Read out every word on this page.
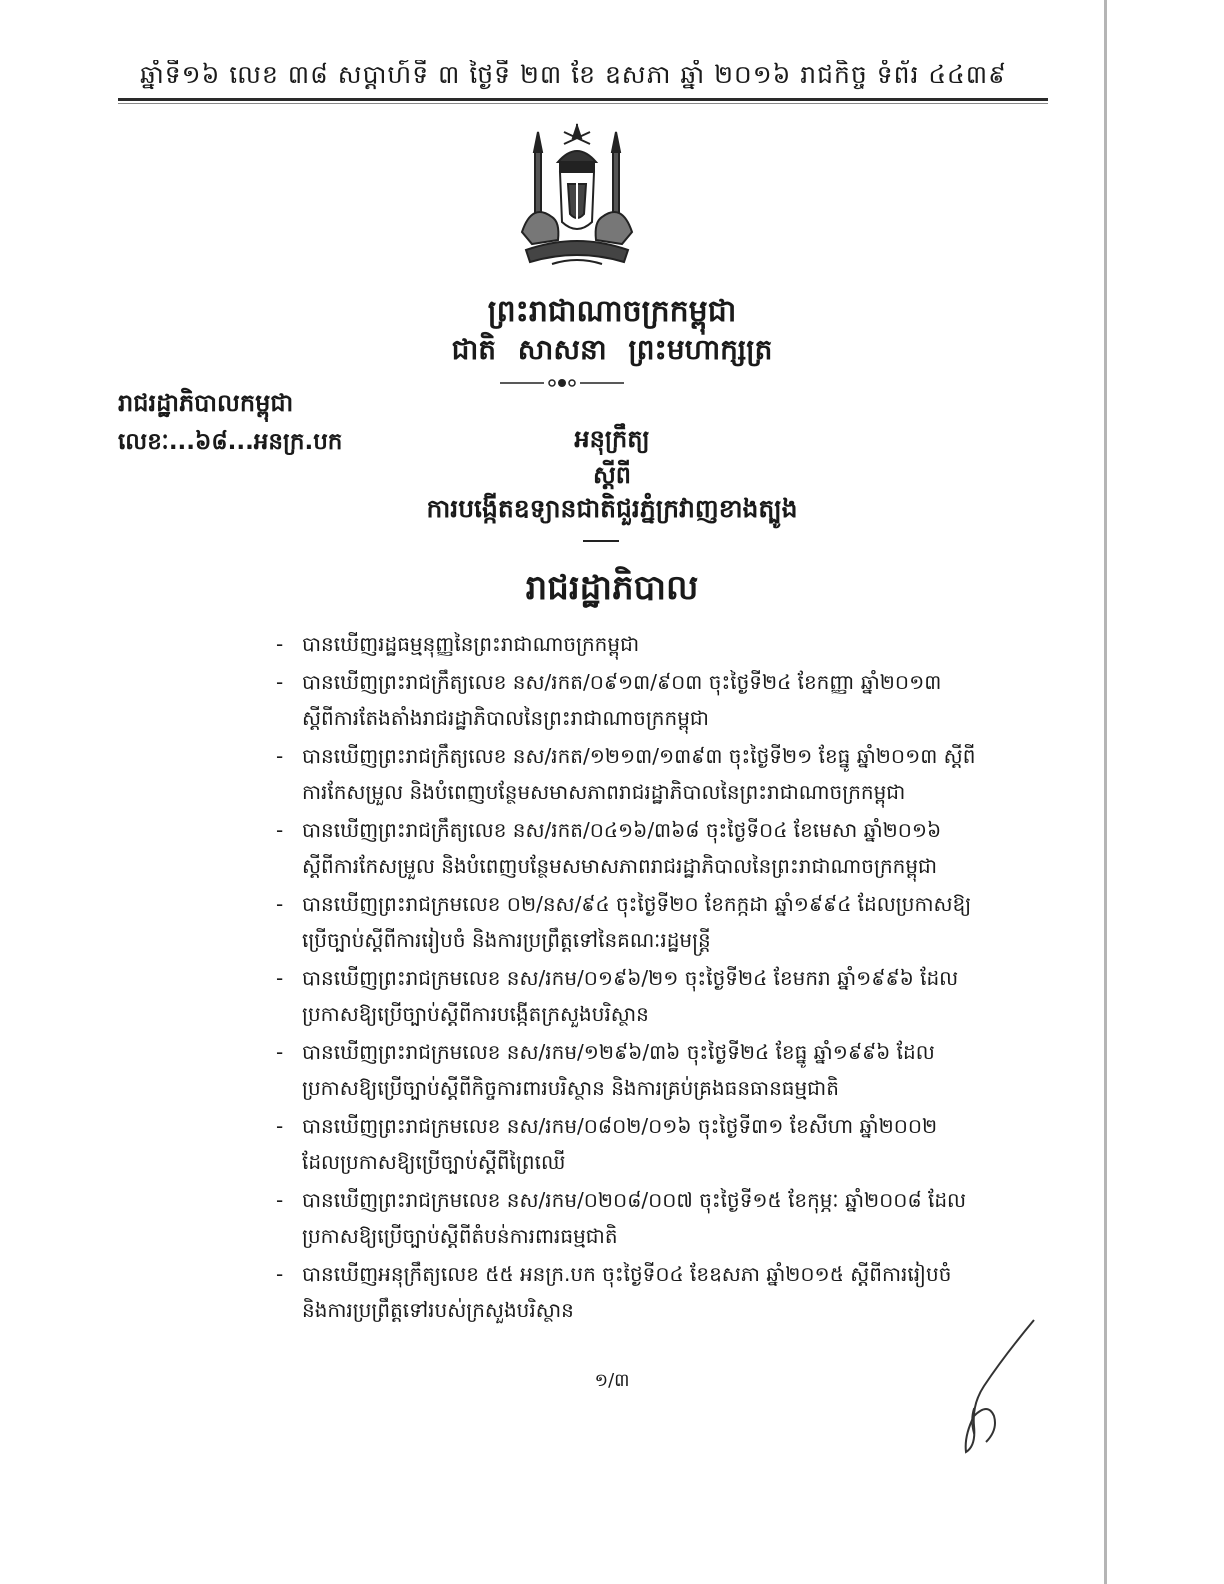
ឆ្នាំទី១៦ លេខ ៣៨ សប្តាហ៍ទី ៣ ថ្ងៃទី ២៣ ខែ ឧសភា ឆ្នាំ ២០១៦ រាជកិច្ច ទំព័រ ៤៤៣៩
ព្រះរាជាណាចក្រកម្ពុជា
ជាតិ សាសនា ព្រះមហាក្សត្រ
រាជរដ្ឋាភិបាលកម្ពុជា
លេខៈ...៦៨...អនក្រ.បក	អនុក្រឹត្យ
ស្តីពី
ការបង្កើតឧទ្យានជាតិជួរភ្នំក្រវាញខាងត្បូង
រាជរដ្ឋាភិបាល
- បានឃើញរដ្ឋធម្មនុញ្ញនៃព្រះរាជាណាចក្រកម្ពុជា
- បានឃើញព្រះរាជក្រឹត្យលេខ នស/រកត/០៩១៣/៩០៣ ចុះថ្ងៃទី២៤ ខែកញ្ញា ឆ្នាំ២០១៣ ស្តីពីការតែងតាំងរាជរដ្ឋាភិបាលនៃព្រះរាជាណាចក្រកម្ពុជា
- បានឃើញព្រះរាជក្រឹត្យលេខ នស/រកត/១២១៣/១៣៩៣ ចុះថ្ងៃទី២១ ខែធ្នូ ឆ្នាំ២០១៣ ស្តីពីការកែសម្រួល និងបំពេញបន្ថែមសមាសភាពរាជរដ្ឋាភិបាលនៃព្រះរាជាណាចក្រកម្ពុជា
- បានឃើញព្រះរាជក្រឹត្យលេខ នស/រកត/០៤១៦/៣៦៨ ចុះថ្ងៃទី០៤ ខែមេសា ឆ្នាំ២០១៦ ស្តីពីការកែសម្រួល និងបំពេញបន្ថែមសមាសភាពរាជរដ្ឋាភិបាលនៃព្រះរាជាណាចក្រកម្ពុជា
- បានឃើញព្រះរាជក្រមលេខ ០២/នស/៩៤ ចុះថ្ងៃទី២០ ខែកក្កដា ឆ្នាំ១៩៩៤ ដែលប្រកាសឱ្យប្រើច្បាប់ស្តីពីការរៀបចំ និងការប្រព្រឹត្តទៅនៃគណៈរដ្ឋមន្ត្រី
- បានឃើញព្រះរាជក្រមលេខ នស/រកម/០១៩៦/២១ ចុះថ្ងៃទី២៤ ខែមករា ឆ្នាំ១៩៩៦ ដែលប្រកាសឱ្យប្រើច្បាប់ស្តីពីការបង្កើតក្រសួងបរិស្ថាន
- បានឃើញព្រះរាជក្រមលេខ នស/រកម/១២៩៦/៣៦ ចុះថ្ងៃទី២៤ ខែធ្នូ ឆ្នាំ១៩៩៦ ដែលប្រកាសឱ្យប្រើច្បាប់ស្តីពីកិច្ចការពារបរិស្ថាន និងការគ្រប់គ្រងធនធានធម្មជាតិ
- បានឃើញព្រះរាជក្រមលេខ នស/រកម/០៨០២/០១៦ ចុះថ្ងៃទី៣១ ខែសីហា ឆ្នាំ២០០២ ដែលប្រកាសឱ្យប្រើច្បាប់ស្តីពីព្រៃឈើ
- បានឃើញព្រះរាជក្រមលេខ នស/រកម/០២០៨/០០៧ ចុះថ្ងៃទី១៥ ខែកុម្ភៈ ឆ្នាំ២០០៨ ដែលប្រកាសឱ្យប្រើច្បាប់ស្តីពីតំបន់ការពារធម្មជាតិ
- បានឃើញអនុក្រឹត្យលេខ ៥៥ អនក្រ.បក ចុះថ្ងៃទី០៤ ខែឧសភា ឆ្នាំ២០១៥ ស្តីពីការរៀបចំ និងការប្រព្រឹត្តទៅរបស់ក្រសួងបរិស្ថាន
១/៣
